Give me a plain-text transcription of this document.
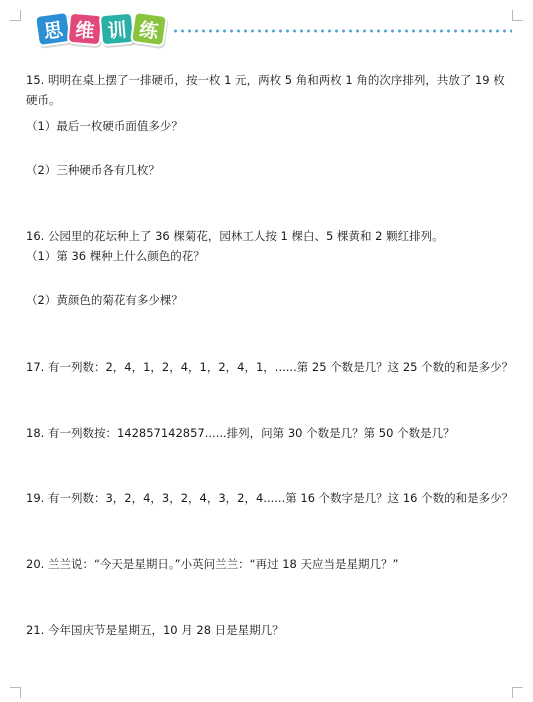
思 维 训 练
15. 明明在桌上摆了一排硬币，按一枚 1 元，两枚 5 角和两枚 1 角的次序排列，共放了 19 枚
硬币。
（1）最后一枚硬币面值多少？
（2）三种硬币各有几枚？
16. 公园里的花坛种上了 36 棵菊花，园林工人按 1 棵白、5 棵黄和 2 颗红排列。
（1）第 36 棵种上什么颜色的花？
（2）黄颜色的菊花有多少棵？
17. 有一列数：2，4，1，2，4，1，2，4，1，......第 25 个数是几？这 25 个数的和是多少？
18. 有一列数按：142857142857......排列，问第 30 个数是几？第 50 个数是几？
19. 有一列数：3，2，4，3，2，4，3，2，4......第 16 个数字是几？这 16 个数的和是多少？
20. 兰兰说：“今天是星期日。”小英问兰兰：“再过 18 天应当是星期几？”
21. 今年国庆节是星期五，10 月 28 日是星期几？
